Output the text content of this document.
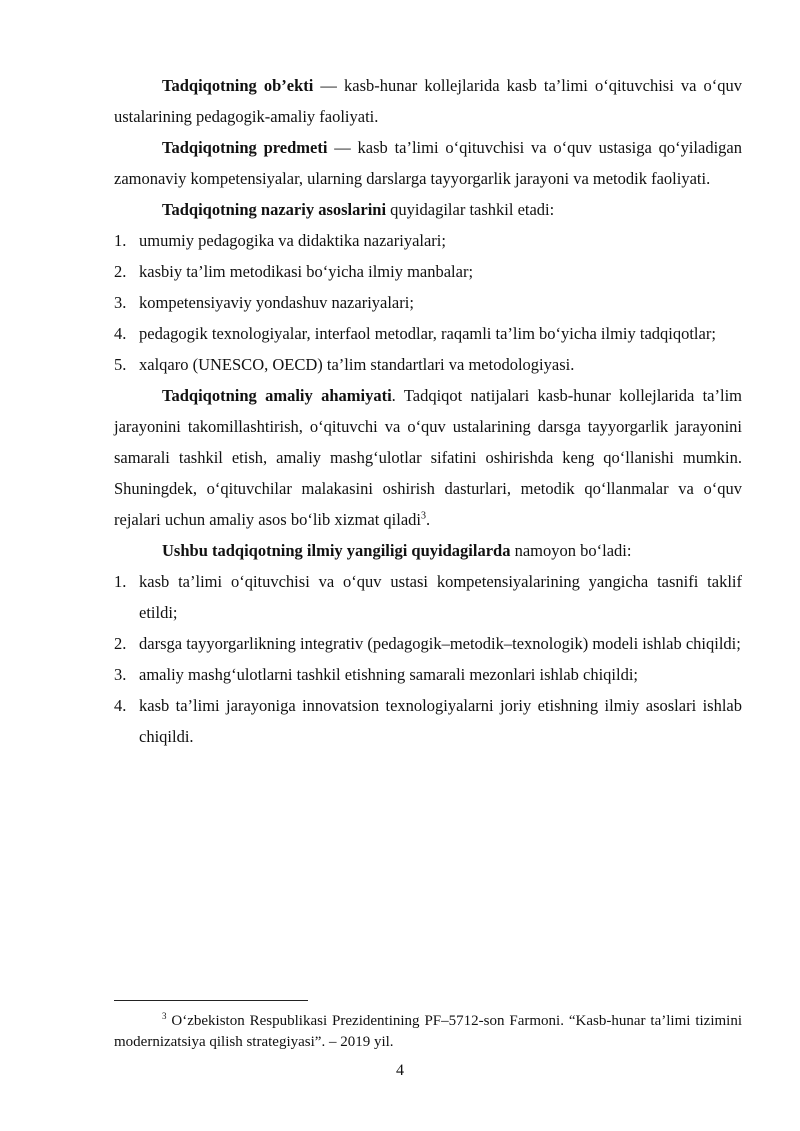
Tadqiqotning ob’ekti — kasb-hunar kollejlarida kasb ta’limi o‘qituvchisi va o‘quv ustalarining pedagogik-amaliy faoliyati.

Tadqiqotning predmeti — kasb ta’limi o‘qituvchisi va o‘quv ustasiga qo‘yiladigan zamonaviy kompetensiyalar, ularning darslarga tayyorgarlik jarayoni va metodik faoliyati.

Tadqiqotning nazariy asoslarini quyidagilar tashkil etadi:

1. umumiy pedagogika va didaktika nazariyalari;
2. kasbiy ta’lim metodikasi bo‘yicha ilmiy manbalar;
3. kompetensiyaviy yondashuv nazariyalari;
4. pedagogik texnologiyalar, interfaol metodlar, raqamli ta’lim bo‘yicha ilmiy tadqiqotlar;
5. xalqaro (UNESCO, OECD) ta’lim standartlari va metodologiyasi.

Tadqiqotning amaliy ahamiyati. Tadqiqot natijalari kasb-hunar kollejlarida ta’lim jarayonini takomillashtirish, o‘qituvchi va o‘quv ustalarining darsga tayyorgarlik jarayonini samarali tashkil etish, amaliy mashg‘ulotlar sifatini oshirishda keng qo‘llanishi mumkin. Shuningdek, o‘qituvchilar malakasini oshirish dasturlari, metodik qo‘llanmalar va o‘quv rejalari uchun amaliy asos bo‘lib xizmat qiladi$^3$.

Ushbu tadqiqotning ilmiy yangiligi quyidagilarda namoyon bo‘ladi:

1. kasb ta’limi o‘qituvchisi va o‘quv ustasi kompetensiyalarining yangicha tasnifi taklif etildi;
2. darsga tayyorgarlikning integrativ (pedagogik–metodik–texnologik) modeli ishlab chiqildi;
3. amaliy mashg‘ulotlarni tashkil etishning samarali mezonlari ishlab chiqildi;
4. kasb ta’limi jarayoniga innovatsion texnologiyalarni joriy etishning ilmiy asoslari ishlab chiqildi.
$^3$ O‘zbekiston Respublikasi Prezidentining PF–5712-son Farmoni. “Kasb-hunar ta’limi tizimini modernizatsiya qilish strategiyasi”. – 2019 yil.
4
